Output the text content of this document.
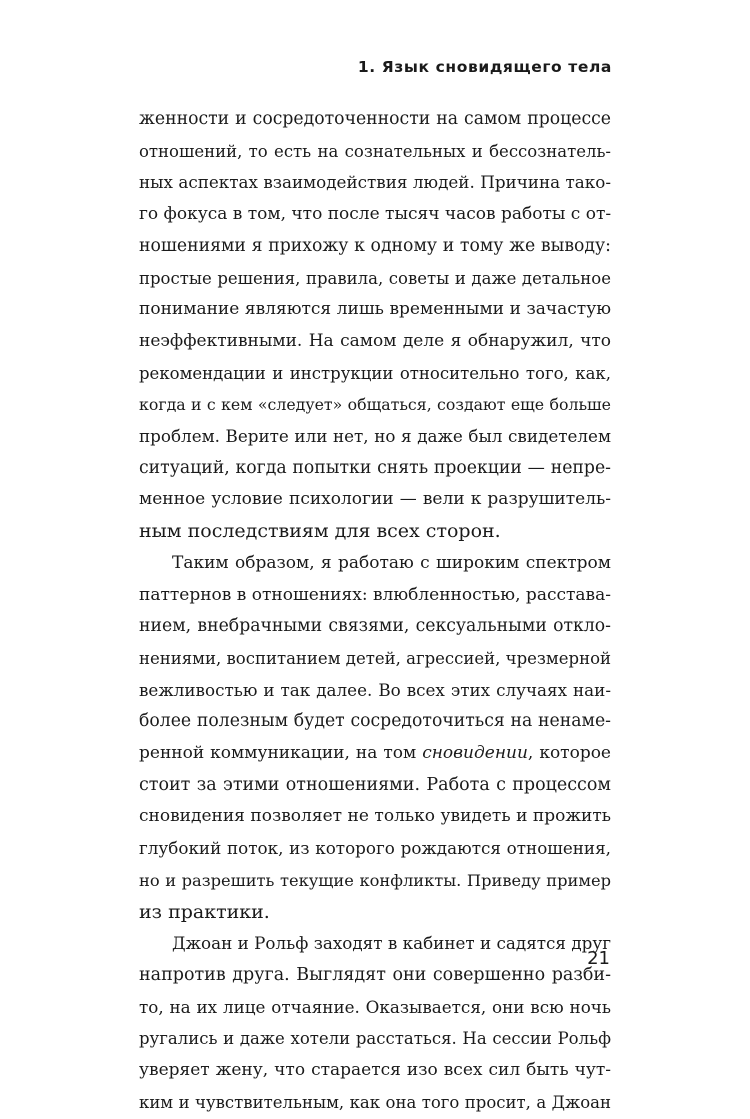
1. Язык сновидящего тела

женности и сосредоточенности на самом процессе
отношений, то есть на сознательных и бессознатель-
ных аспектах взаимодействия людей. Причина тако-
го фокуса в том, что после тысяч часов работы с от-
ношениями я прихожу к одному и тому же выводу:
простые решения, правила, советы и даже детальное
понимание являются лишь временными и зачастую
неэффективными. На самом деле я обнаружил, что
рекомендации и инструкции относительно того, как,
когда и с кем «следует» общаться, создают еще больше
проблем. Верите или нет, но я даже был свидетелем
ситуаций, когда попытки снять проекции — непре-
менное условие психологии — вели к разрушитель-
ным последствиям для всех сторон.

Таким образом, я работаю с широким спектром
паттернов в отношениях: влюбленностью, расстава-
нием, внебрачными связями, сексуальными откло-
нениями, воспитанием детей, агрессией, чрезмерной
вежливостью и так далее. Во всех этих случаях наи-
более полезным будет сосредоточиться на ненаме-
ренной коммуникации, на том сновидении, которое
стоит за этими отношениями. Работа с процессом
сновидения позволяет не только увидеть и прожить
глубокий поток, из которого рождаются отношения,
но и разрешить текущие конфликты. Приведу пример
из практики.

Джоан и Рольф заходят в кабинет и садятся друг
напротив друга. Выглядят они совершенно разби-
то, на их лице отчаяние. Оказывается, они всю ночь
ругались и даже хотели расстаться. На сессии Рольф
уверяет жену, что старается изо всех сил быть чут-
ким и чувствительным, как она того просит, а Джоан

21
